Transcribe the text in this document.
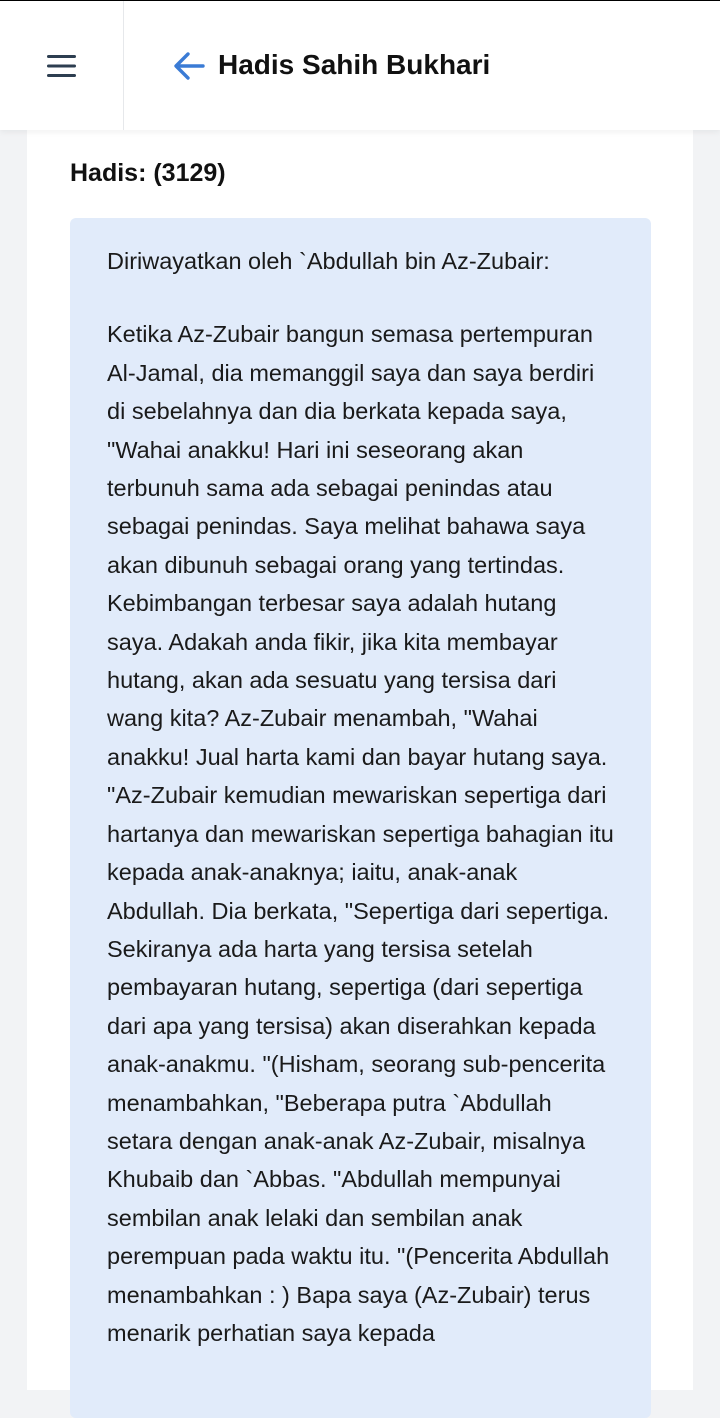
Hadis Sahih Bukhari
Hadis: (3129)

Diriwayatkan oleh `Abdullah bin Az-Zubair:

Ketika Az-Zubair bangun semasa pertempuran Al-Jamal, dia memanggil saya dan saya berdiri di sebelahnya dan dia berkata kepada saya, "Wahai anakku! Hari ini seseorang akan terbunuh sama ada sebagai penindas atau sebagai penindas. Saya melihat bahawa saya akan dibunuh sebagai orang yang tertindas. Kebimbangan terbesar saya adalah hutang saya. Adakah anda fikir, jika kita membayar hutang, akan ada sesuatu yang tersisa dari wang kita? Az-Zubair menambah, "Wahai anakku! Jual harta kami dan bayar hutang saya. "Az-Zubair kemudian mewariskan sepertiga dari hartanya dan mewariskan sepertiga bahagian itu kepada anak-anaknya; iaitu, anak-anak Abdullah. Dia berkata, "Sepertiga dari sepertiga. Sekiranya ada harta yang tersisa setelah pembayaran hutang, sepertiga (dari sepertiga dari apa yang tersisa) akan diserahkan kepada anak-anakmu. "(Hisham, seorang sub-pencerita menambahkan, "Beberapa putra `Abdullah setara dengan anak-anak Az-Zubair, misalnya Khubaib dan `Abbas. "Abdullah mempunyai sembilan anak lelaki dan sembilan anak perempuan pada waktu itu. "(Pencerita Abdullah menambahkan : ) Bapa saya (Az-Zubair) terus menarik perhatian saya kepada
